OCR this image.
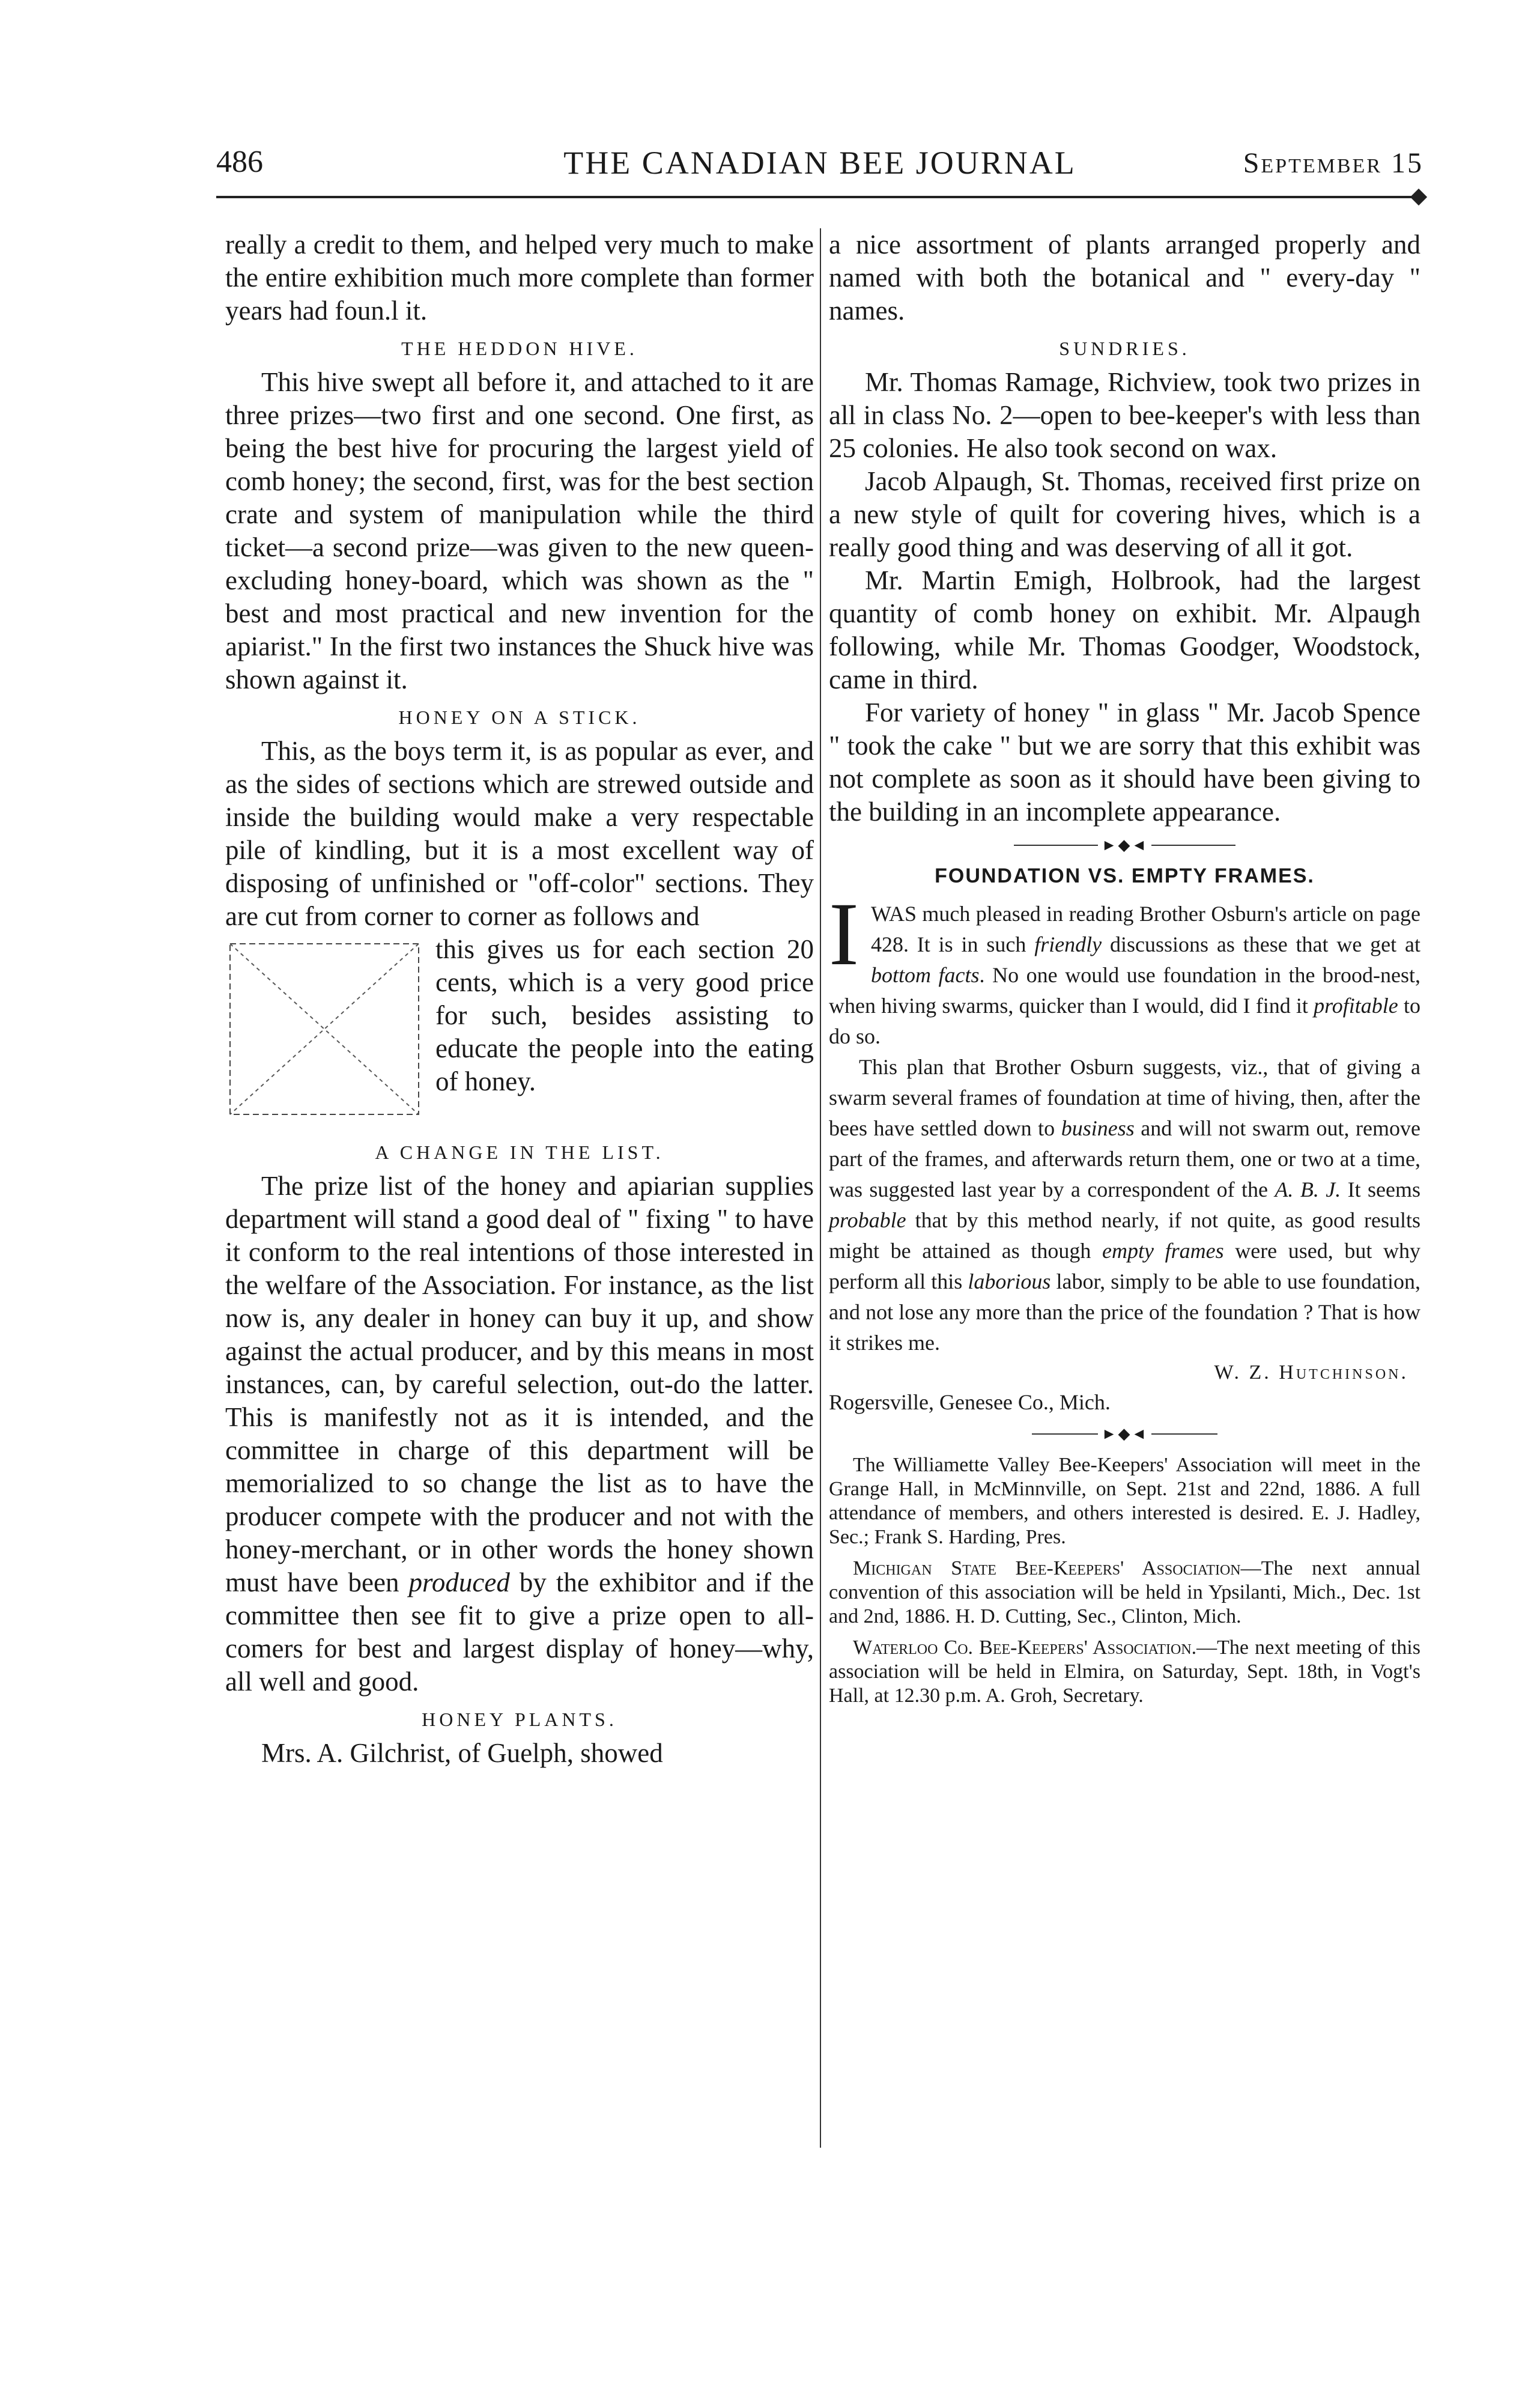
486	THE CANADIAN BEE JOURNAL	September 15

really a credit to them, and helped very much to make the entire exhibition much more complete than former years had foun.l it.

THE HEDDON HIVE.

This hive swept all before it, and attached to it are three prizes—two first and one second. One first, as being the best hive for procuring the largest yield of comb honey; the second, first, was for the best section crate and system of manipulation while the third ticket—a second prize—was given to the new queen-excluding honey-board, which was shown as the " best and most practical and new invention for the apiarist." In the first two instances the Shuck hive was shown against it.

HONEY ON A STICK.

This, as the boys term it, is as popular as ever, and as the sides of sections which are strewed outside and inside the building would make a very respectable pile of kindling, but it is a most excellent way of disposing of unfinished or "off-color" sections. They are cut from corner to corner as follows and

this gives us for each section 20 cents, which is a very good price for such, besides assisting to educate the people into the eating of honey.

A CHANGE IN THE LIST.

The prize list of the honey and apiarian supplies department will stand a good deal of " fixing " to have it conform to the real intentions of those interested in the welfare of the Association. For instance, as the list now is, any dealer in honey can buy it up, and show against the actual producer, and by this means in most instances, can, by careful selection, out-do the latter. This is manifestly not as it is intended, and the committee in charge of this department will be memorialized to so change the list as to have the producer compete with the producer and not with the honey-merchant, or in other words the honey shown must have been produced by the exhibitor and if the committee then see fit to give a prize open to all-comers for best and largest display of honey—why, all well and good.

HONEY PLANTS.

Mrs. A. Gilchrist, of Guelph, showed

a nice assortment of plants arranged properly and named with both the botanical and " every-day " names.

SUNDRIES.

Mr. Thomas Ramage, Richview, took two prizes in all in class No. 2—open to bee-keeper's with less than 25 colonies. He also took second on wax.

Jacob Alpaugh, St. Thomas, received first prize on a new style of quilt for covering hives, which is a really good thing and was deserving of all it got.

Mr. Martin Emigh, Holbrook, had the largest quantity of comb honey on exhibit. Mr. Alpaugh following, while Mr. Thomas Goodger, Woodstock, came in third.

For variety of honey " in glass " Mr. Jacob Spence " took the cake " but we are sorry that this exhibit was not complete as soon as it should have been giving to the building in an incomplete appearance.

►◆◄
FOUNDATION VS. EMPTY FRAMES.

IWAS much pleased in reading Brother Osburn's article on page 428. It is in such friendly discussions as these that we get at bottom facts. No one would use foundation in the brood-nest, when hiving swarms, quicker than I would, did I find it profitable to do so.

This plan that Brother Osburn suggests, viz., that of giving a swarm several frames of foundation at time of hiving, then, after the bees have settled down to business and will not swarm out, remove part of the frames, and afterwards return them, one or two at a time, was suggested last year by a correspondent of the A. B. J. It seems probable that by this method nearly, if not quite, as good results might be attained as though empty frames were used, but why perform all this laborious labor, simply to be able to use foundation, and not lose any more than the price of the foundation ? That is how it strikes me.

W. Z. Hutchinson.
Rogersville, Genesee Co., Mich.
►◆◄

The Williamette Valley Bee-Keepers' Association will meet in the Grange Hall, in McMinnville, on Sept. 21st and 22nd, 1886. A full attendance of members, and others interested is desired. E. J. Hadley, Sec.; Frank S. Harding, Pres.

Michigan State Bee-Keepers' Association—The next annual convention of this association will be held in Ypsilanti, Mich., Dec. 1st and 2nd, 1886. H. D. Cutting, Sec., Clinton, Mich.

Waterloo Co. Bee-Keepers' Association.—The next meeting of this association will be held in Elmira, on Saturday, Sept. 18th, in Vogt's Hall, at 12.30 p.m. A. Groh, Secretary.
